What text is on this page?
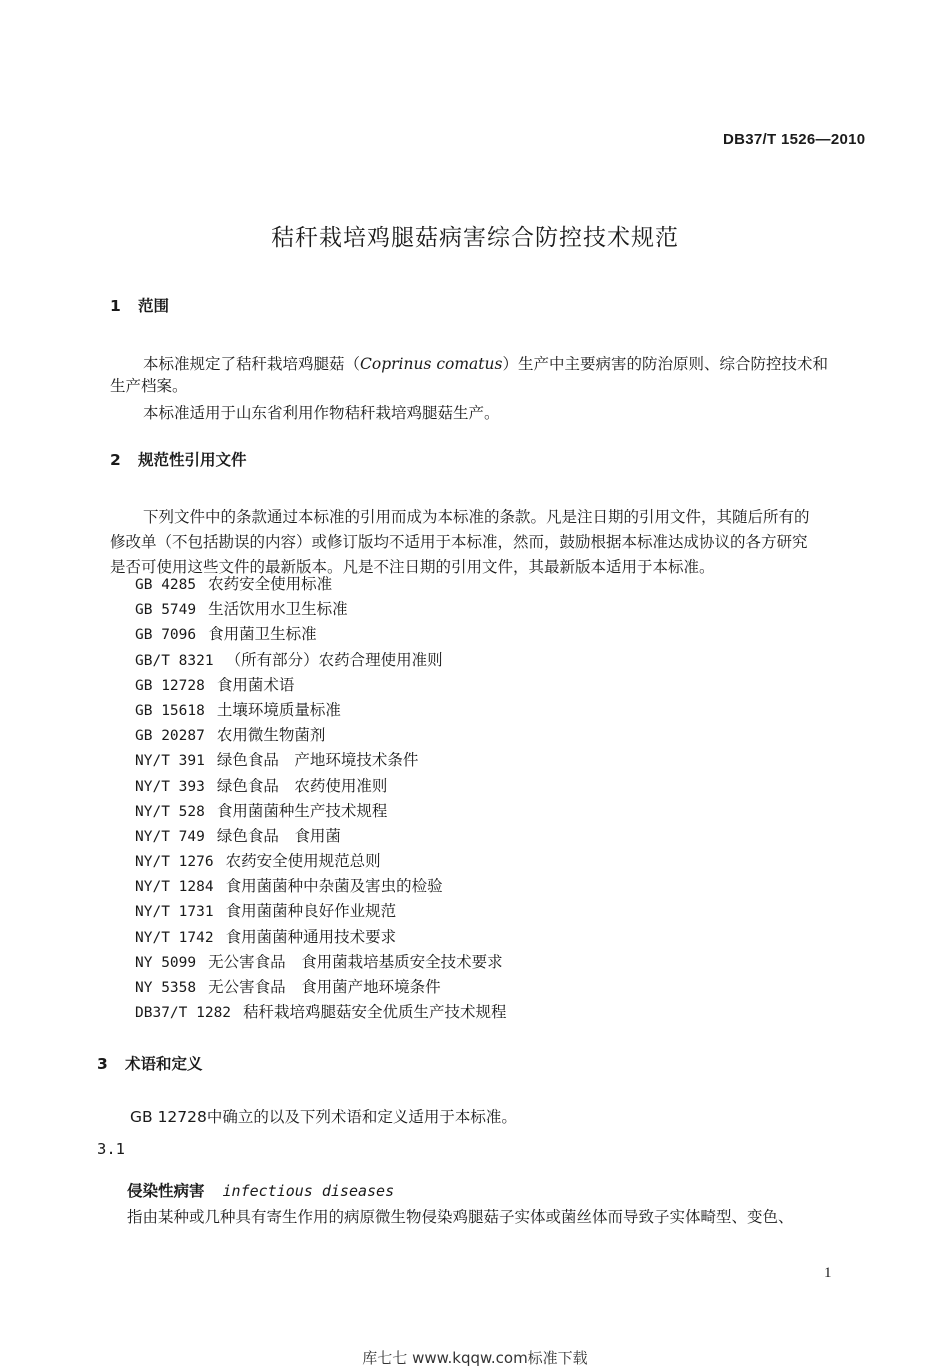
DB37/T 1526—2010
秸秆栽培鸡腿菇病害综合防控技术规范
1 范围
本标准规定了秸秆栽培鸡腿菇（Coprinus comatus）生产中主要病害的防治原则、综合防控技术和
生产档案。
本标准适用于山东省利用作物秸秆栽培鸡腿菇生产。
2 规范性引用文件
下列文件中的条款通过本标准的引用而成为本标准的条款。凡是注日期的引用文件，其随后所有的
修改单（不包括勘误的内容）或修订版均不适用于本标准，然而，鼓励根据本标准达成协议的各方研究
是否可使用这些文件的最新版本。凡是不注日期的引用文件，其最新版本适用于本标准。
GB 4285 农药安全使用标准
GB 5749 生活饮用水卫生标准
GB 7096 食用菌卫生标准
GB/T 8321 （所有部分）农药合理使用准则
GB 12728 食用菌术语
GB 15618 土壤环境质量标准
GB 20287 农用微生物菌剂
NY/T 391 绿色食品　产地环境技术条件
NY/T 393 绿色食品　农药使用准则
NY/T 528 食用菌菌种生产技术规程
NY/T 749 绿色食品　食用菌
NY/T 1276 农药安全使用规范总则
NY/T 1284 食用菌菌种中杂菌及害虫的检验
NY/T 1731 食用菌菌种良好作业规范
NY/T 1742 食用菌菌种通用技术要求
NY 5099 无公害食品　食用菌栽培基质安全技术要求
NY 5358 无公害食品　食用菌产地环境条件
DB37/T 1282 秸秆栽培鸡腿菇安全优质生产技术规程
3 术语和定义
GB 12728中确立的以及下列术语和定义适用于本标准。
3.1
侵染性病害 infectious diseases
指由某种或几种具有寄生作用的病原微生物侵染鸡腿菇子实体或菌丝体而导致子实体畸型、变色、
1
库七七 www.kqqw.com标准下载
